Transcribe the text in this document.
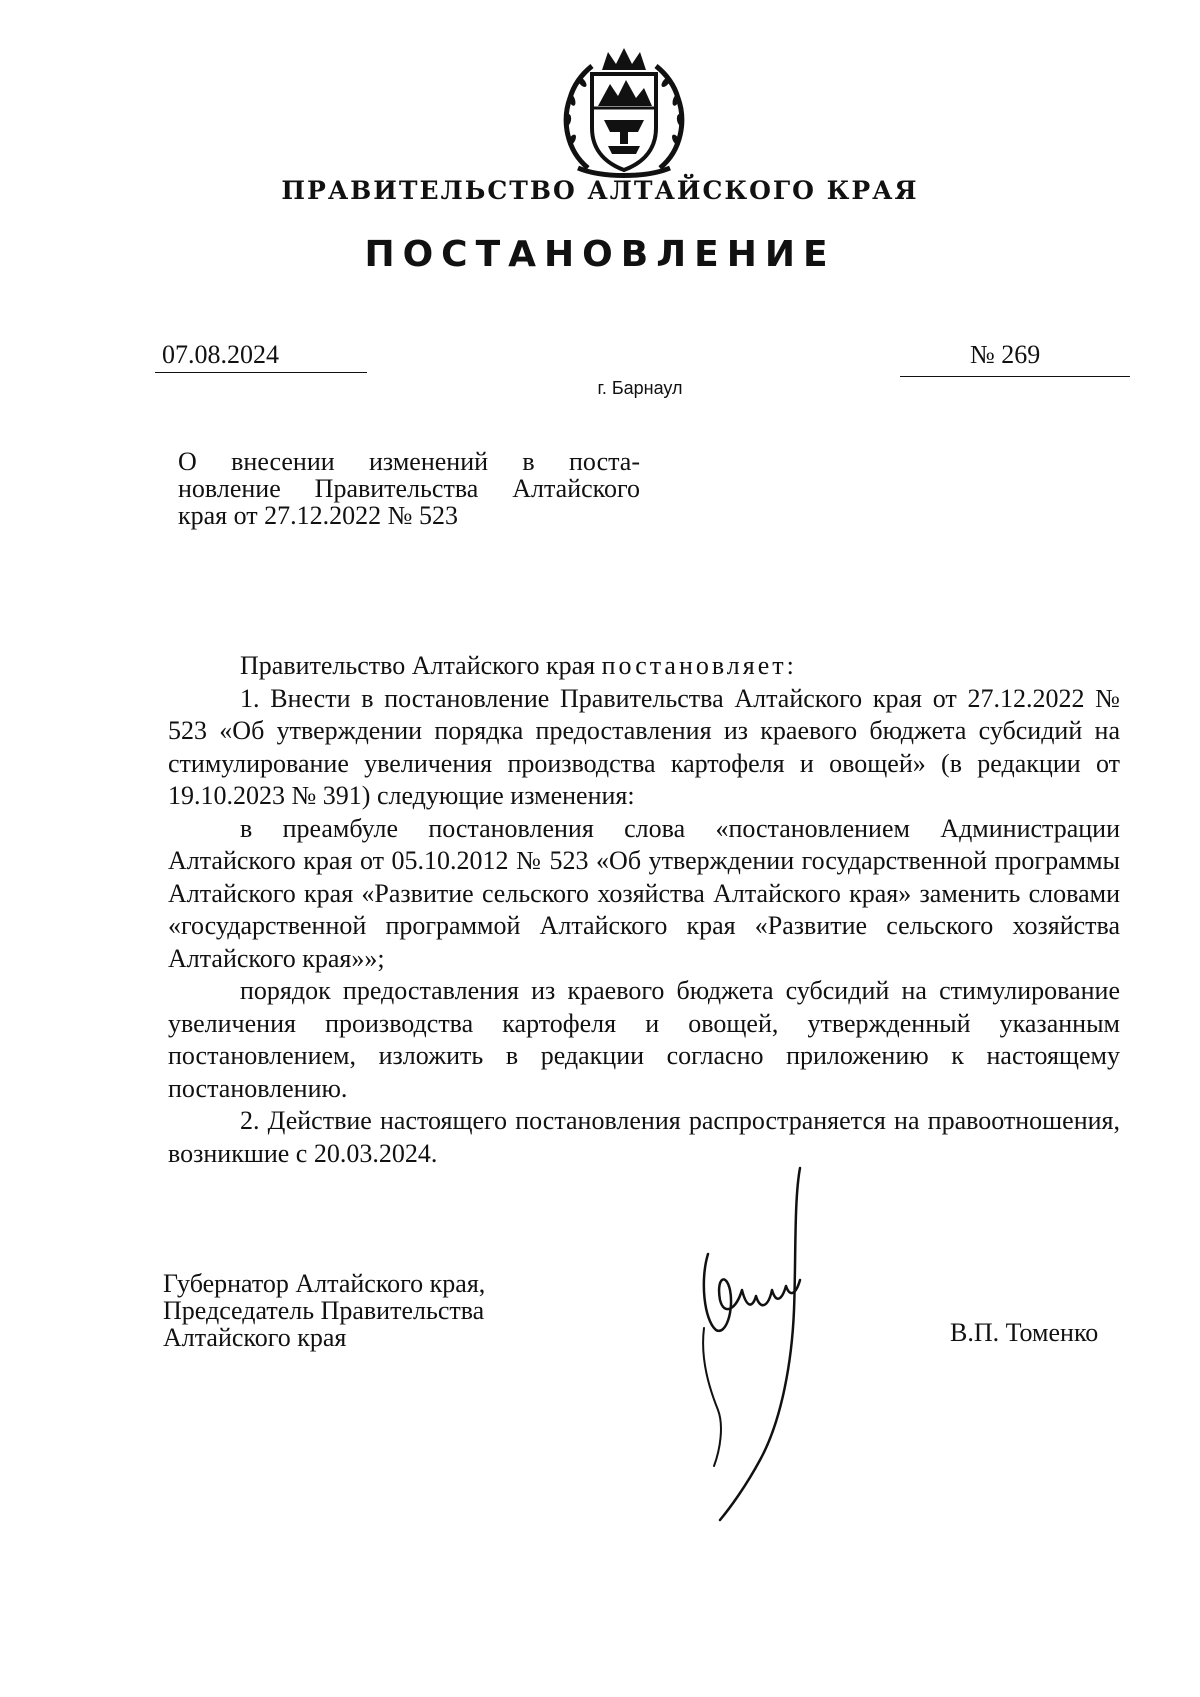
ПРАВИТЕЛЬСТВО АЛТАЙСКОГО КРАЯ
ПОСТАНОВЛЕНИЕ
07.08.2024	№ 269
г. Барнаул
О внесении изменений в поста-
новление Правительства Алтайского
края от 27.12.2022 № 523

Правительство Алтайского края постановляет:

1. Внести в постановление Правительства Алтайского края от 27.12.2022 № 523 «Об утверждении порядка предоставления из краевого бюджета субсидий на стимулирование увеличения производства картофеля и овощей» (в редакции от 19.10.2023 № 391) следующие изменения:

в преамбуле постановления слова «постановлением Администрации Алтайского края от 05.10.2012 № 523 «Об утверждении государственной программы Алтайского края «Развитие сельского хозяйства Алтайского края» заменить словами «государственной программой Алтайского края «Развитие сельского хозяйства Алтайского края»»;

порядок предоставления из краевого бюджета субсидий на стимулирование увеличения производства картофеля и овощей, утвержденный указанным постановлением, изложить в редакции согласно приложению к настоящему постановлению.

2. Действие настоящего постановления распространяется на правоотношения, возникшие с 20.03.2024.

Губернатор Алтайского края,
Председатель Правительства
Алтайского края	В.П. Томенко
